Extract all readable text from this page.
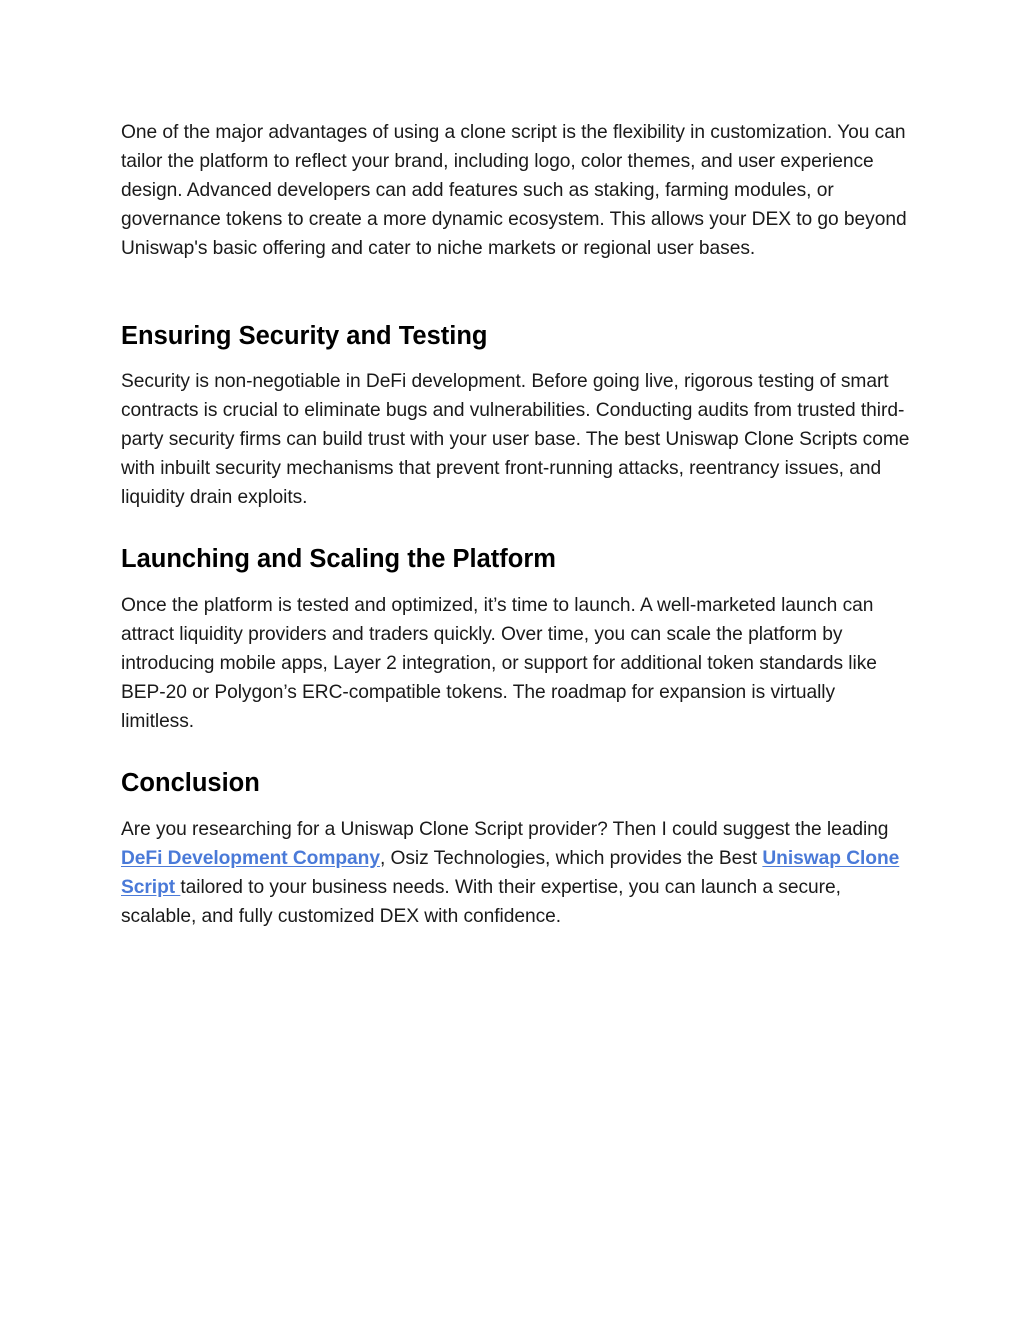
One of the major advantages of using a clone script is the flexibility in customization. You can tailor the platform to reflect your brand, including logo, color themes, and user experience design. Advanced developers can add features such as staking, farming modules, or governance tokens to create a more dynamic ecosystem. This allows your DEX to go beyond Uniswap's basic offering and cater to niche markets or regional user bases.

Ensuring Security and Testing

Security is non-negotiable in DeFi development. Before going live, rigorous testing of smart contracts is crucial to eliminate bugs and vulnerabilities. Conducting audits from trusted third-party security firms can build trust with your user base. The best Uniswap Clone Scripts come with inbuilt security mechanisms that prevent front-running attacks, reentrancy issues, and liquidity drain exploits.

Launching and Scaling the Platform

Once the platform is tested and optimized, it’s time to launch. A well-marketed launch can attract liquidity providers and traders quickly. Over time, you can scale the platform by introducing mobile apps, Layer 2 integration, or support for additional token standards like BEP-20 or Polygon’s ERC-compatible tokens. The roadmap for expansion is virtually limitless.

Conclusion

Are you researching for a Uniswap Clone Script provider? Then I could suggest the leading DeFi Development Company, Osiz Technologies, which provides the Best Uniswap Clone Script tailored to your business needs. With their expertise, you can launch a secure, scalable, and fully customized DEX with confidence.
